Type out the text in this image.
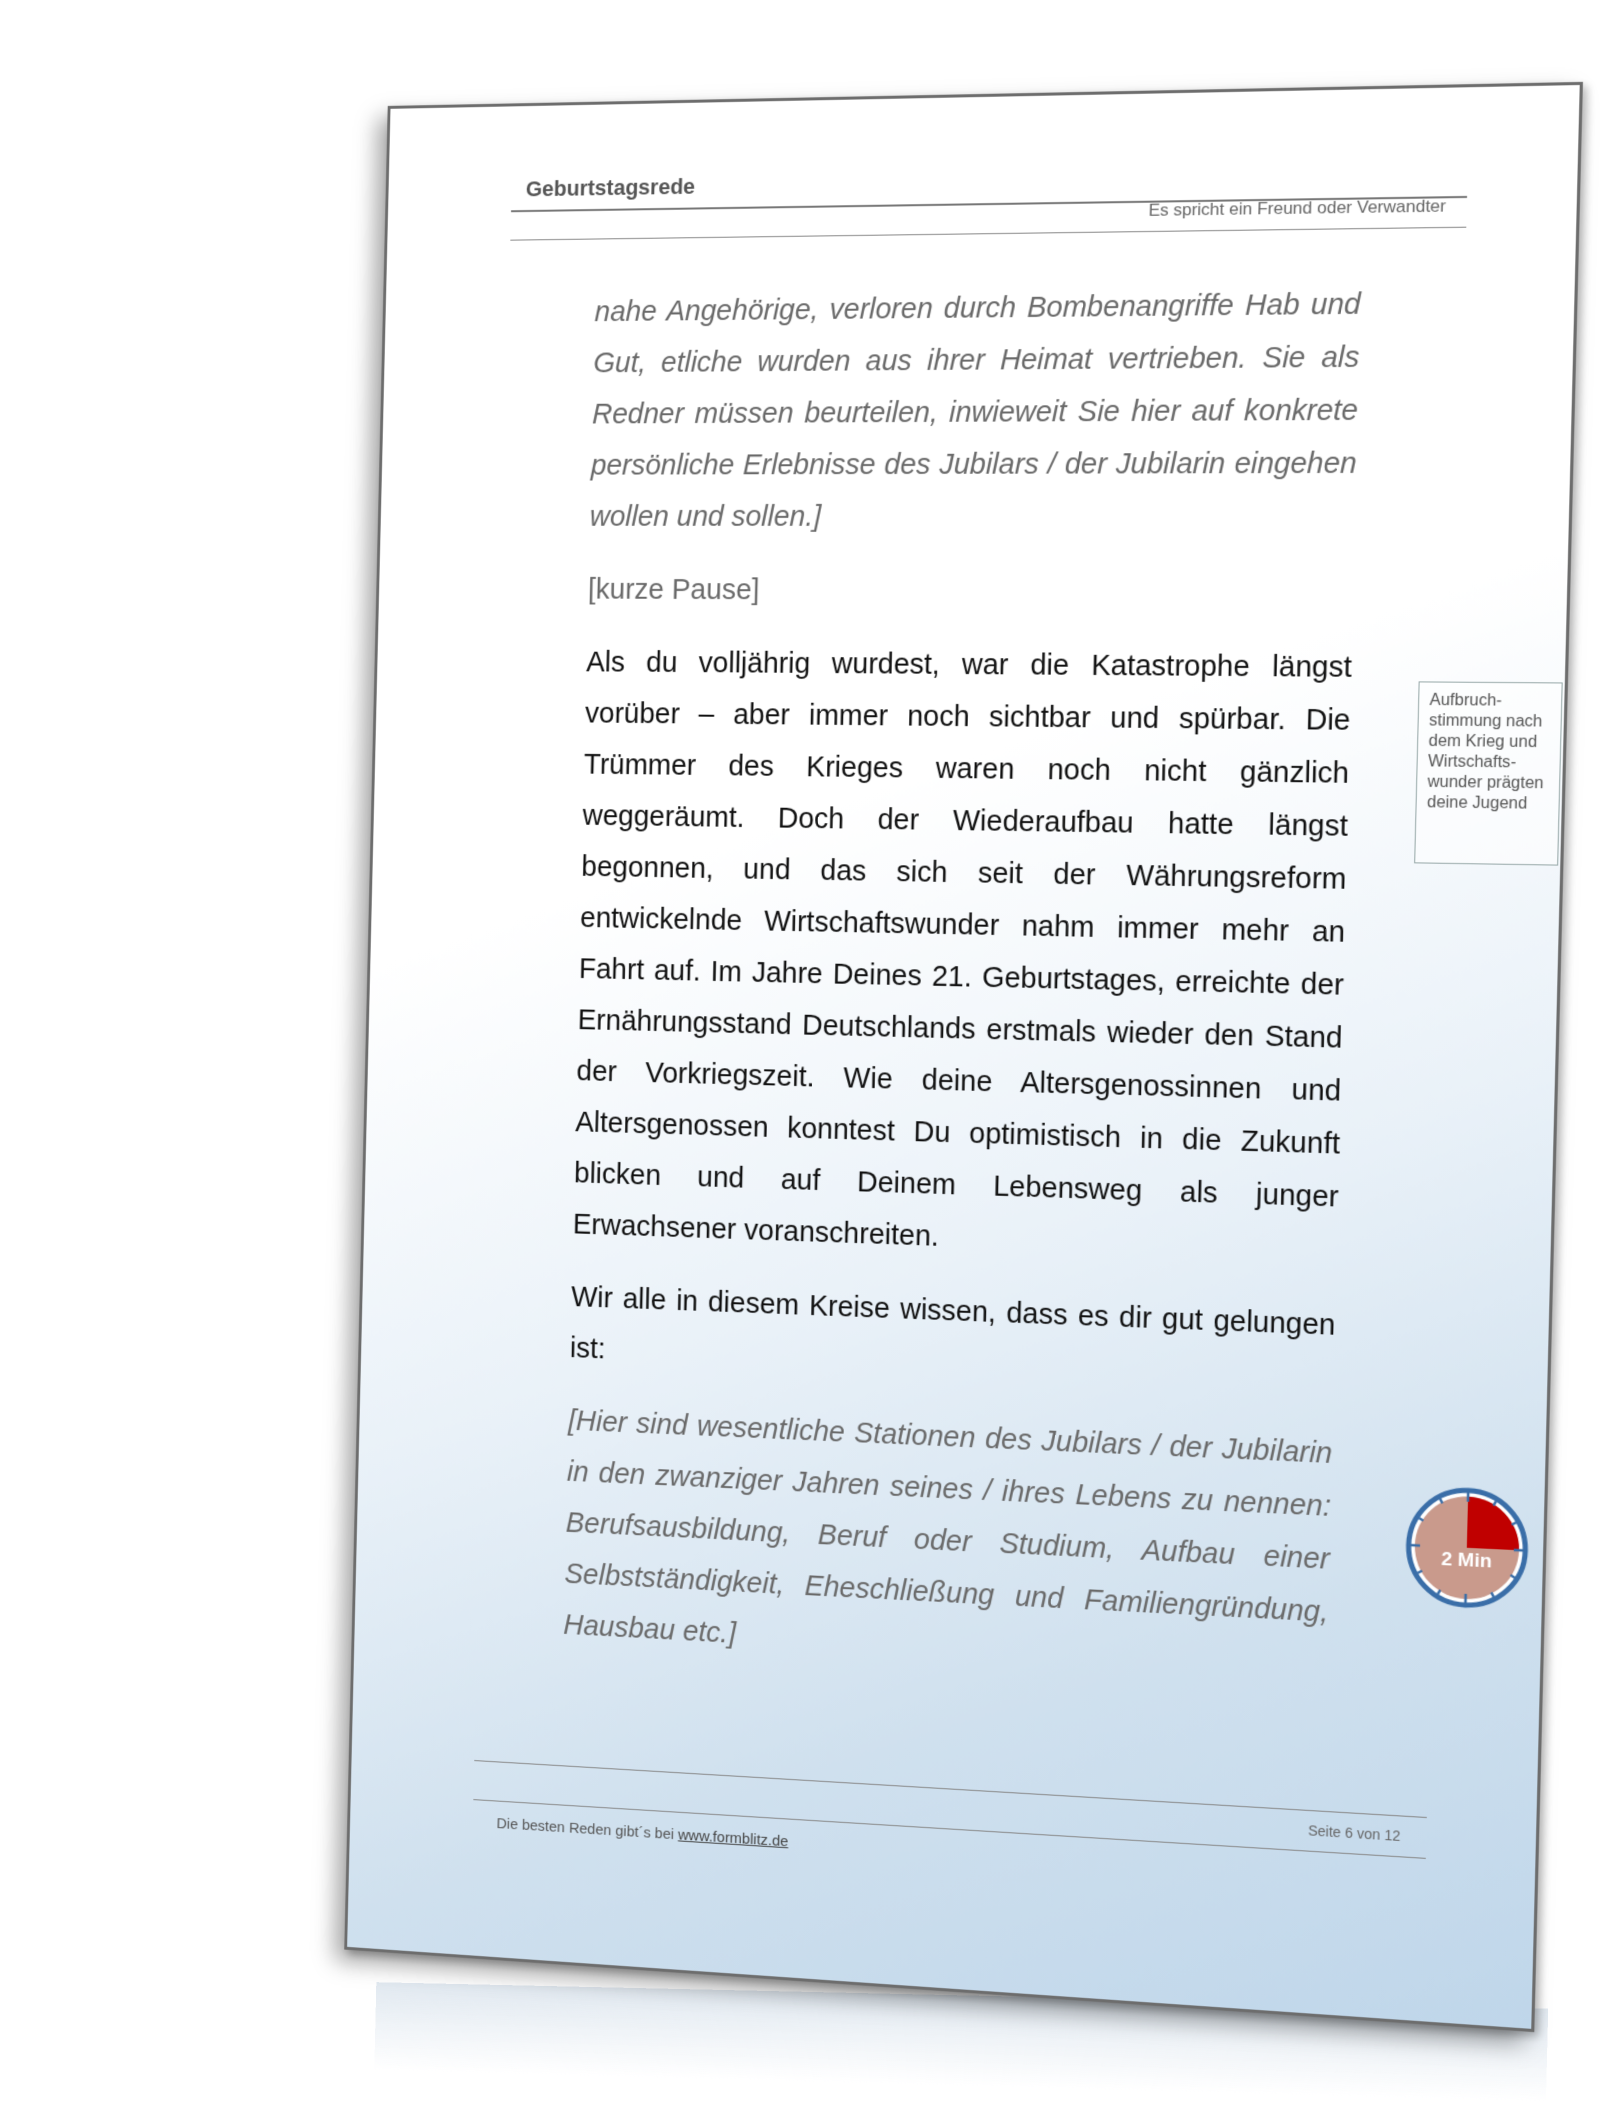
Geburtstagsrede
Es spricht ein Freund oder Verwandter

nahe Angehörige, verloren durch Bombenangriffe Hab und Gut, etliche wurden aus ihrer Heimat vertrieben. Sie als Redner müssen beurteilen, inwieweit Sie hier auf konkrete persönliche Erlebnisse des Jubilars / der Jubilarin eingehen wollen und sollen.]

[kurze Pause]

Als du volljährig wurdest, war die Katastrophe längst vorüber – aber immer noch sichtbar und spürbar. Die Trümmer des Krieges waren noch nicht gänzlich weggeräumt. Doch der Wiederaufbau hatte längst begonnen, und das sich seit der Währungsreform entwickelnde Wirtschaftswunder nahm immer mehr an Fahrt auf. Im Jahre Deines 21. Geburtstages, erreichte der Ernährungsstand Deutschlands erstmals wieder den Stand der Vorkriegszeit. Wie deine Altersgenossinnen und Altersgenossen konntest Du optimistisch in die Zukunft blicken und auf Deinem Lebensweg als junger Erwachsener voranschreiten.

Wir alle in diesem Kreise wissen, dass es dir gut gelungen ist:

[Hier sind wesentliche Stationen des Jubilars / der Jubilarin in den zwanziger Jahren seines / ihres Lebens zu nennen: Berufsausbildung, Beruf oder Studium, Aufbau einer Selbstständigkeit, Eheschließung und Familiengründung, Hausbau etc.]

Aufbruchstimmung nach dem Krieg und Wirtschaftswunder prägten deine Jugend
2 Min
Seite 6 von 12
Die besten Reden gibt´s bei www.formblitz.de
